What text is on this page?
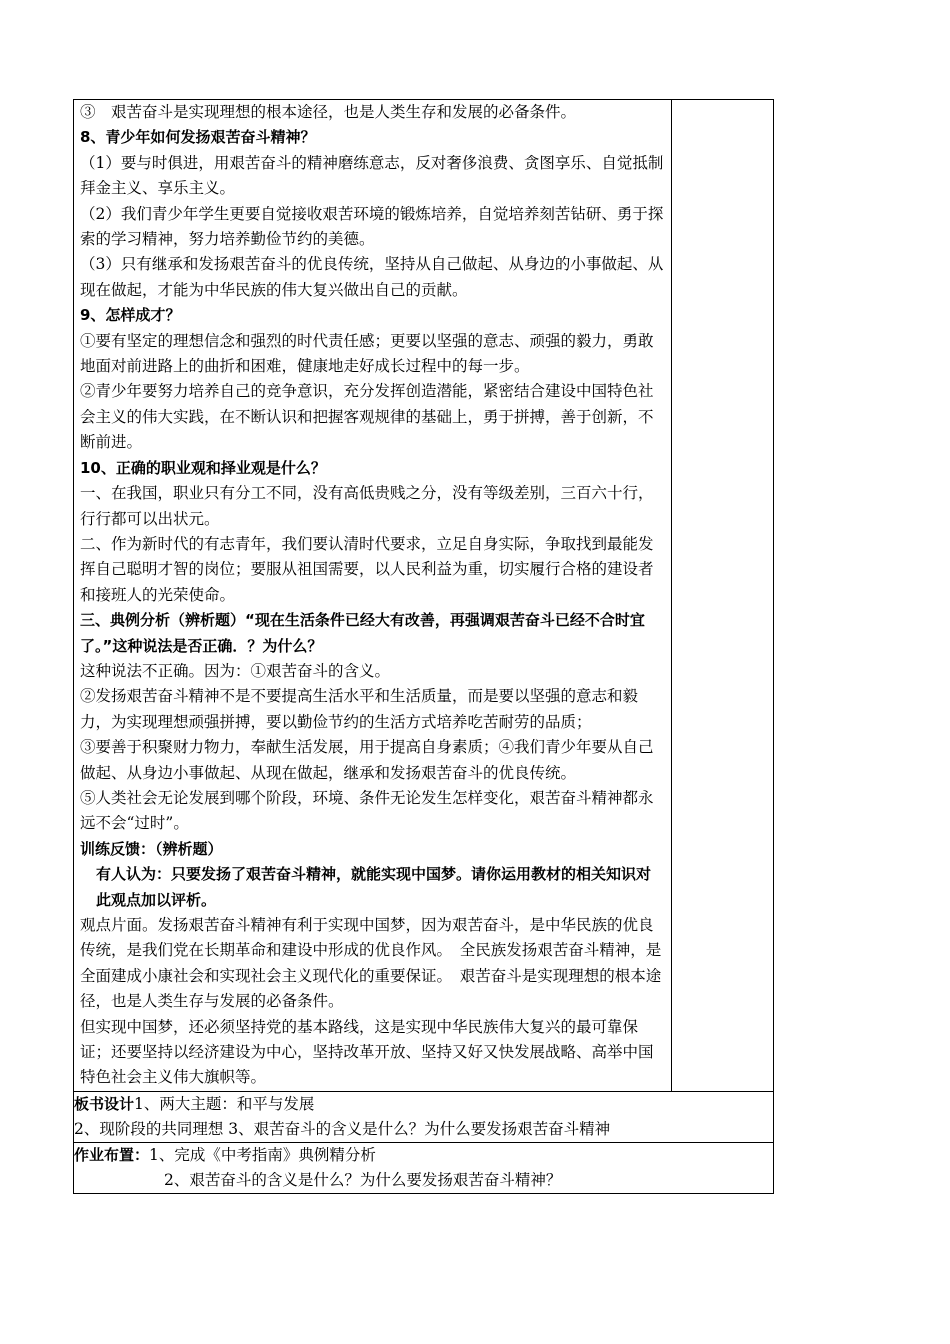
③　艰苦奋斗是实现理想的根本途径，也是人类生存和发展的必备条件。

8、青少年如何发扬艰苦奋斗精神？

（1）要与时俱进，用艰苦奋斗的精神磨练意志，反对奢侈浪费、贪图享乐、自觉抵制拜金主义、享乐主义。

（2）我们青少年学生更要自觉接收艰苦环境的锻炼培养，自觉培养刻苦钻研、勇于探索的学习精神，努力培养勤俭节约的美德。

（3）只有继承和发扬艰苦奋斗的优良传统，坚持从自己做起、从身边的小事做起、从现在做起，才能为中华民族的伟大复兴做出自己的贡献。

9、怎样成才？

①要有坚定的理想信念和强烈的时代责任感；更要以坚强的意志、顽强的毅力，勇敢地面对前进路上的曲折和困难，健康地走好成长过程中的每一步。

②青少年要努力培养自己的竞争意识，充分发挥创造潜能，紧密结合建设中国特色社会主义的伟大实践，在不断认识和把握客观规律的基础上，勇于拼搏，善于创新，不断前进。

10、正确的职业观和择业观是什么？

一、在我国，职业只有分工不同，没有高低贵贱之分，没有等级差别，三百六十行，行行都可以出状元。

二、作为新时代的有志青年，我们要认清时代要求，立足自身实际，争取找到最能发挥自己聪明才智的岗位；要服从祖国需要，以人民利益为重，切实履行合格的建设者和接班人的光荣使命。

三、典例分析（辨析题）“现在生活条件已经大有改善，再强调艰苦奋斗已经不合时宜了。”这种说法是否正确．？为什么？

这种说法不正确。因为：①艰苦奋斗的含义。

②发扬艰苦奋斗精神不是不要提高生活水平和生活质量，而是要以坚强的意志和毅力，为实现理想顽强拼搏，要以勤俭节约的生活方式培养吃苦耐劳的品质；

③要善于积聚财力物力，奉献生活发展，用于提高自身素质；④我们青少年要从自己做起、从身边小事做起、从现在做起，继承和发扬艰苦奋斗的优良传统。

⑤人类社会无论发展到哪个阶段，环境、条件无论发生怎样变化，艰苦奋斗精神都永远不会“过时”。

训练反馈：（辨析题）

有人认为：只要发扬了艰苦奋斗精神，就能实现中国梦。请你运用教材的相关知识对此观点加以评析。

观点片面。发扬艰苦奋斗精神有利于实现中国梦，因为艰苦奋斗，是中华民族的优良传统，是我们党在长期革命和建设中形成的优良作风。　全民族发扬艰苦奋斗精神，是全面建成小康社会和实现社会主义现代化的重要保证。　艰苦奋斗是实现理想的根本途径，也是人类生存与发展的必备条件。

但实现中国梦，还必须坚持党的基本路线，这是实现中华民族伟大复兴的最可靠保证；还要坚持以经济建设为中心，坚持改革开放、坚持又好又快发展战略、高举中国特色社会主义伟大旗帜等。

板书设计1、两大主题：和平与发展
2、现阶段的共同理想 3、艰苦奋斗的含义是什么？为什么要发扬艰苦奋斗精神

作业布置：1、完成《中考指南》典例精分析
2、艰苦奋斗的含义是什么？为什么要发扬艰苦奋斗精神？
